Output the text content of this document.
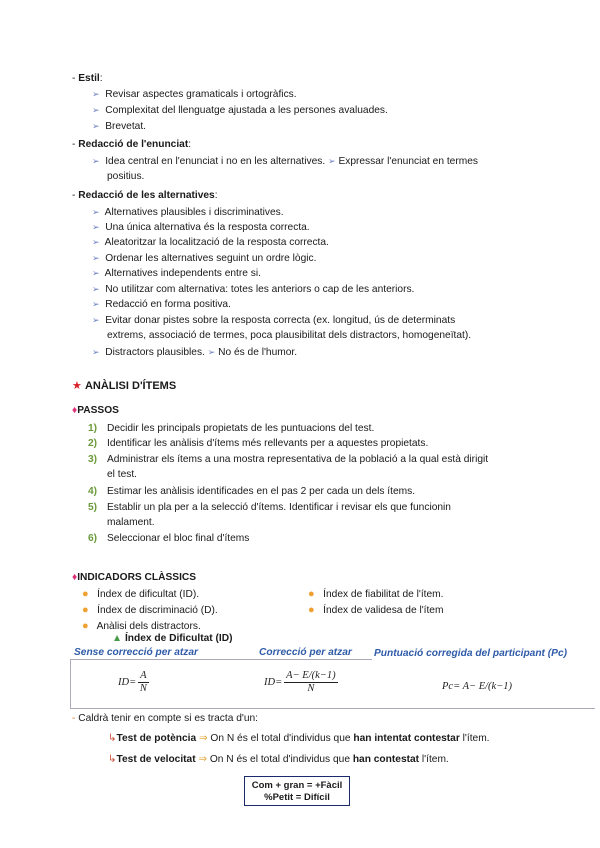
- Estil:
➢ Revisar aspectes gramaticals i ortogràfics.
➢ Complexitat del llenguatge ajustada a les persones avaluades.
➢ Brevetat.
- Redacció de l'enunciat:
➢ Idea central en l'enunciat i no en les alternatives. ➢ Expressar l'enunciat en termes
positius.
- Redacció de les alternatives:
➢ Alternatives plausibles i discriminatives.
➢ Una única alternativa és la resposta correcta.
➢ Aleatoritzar la localització de la resposta correcta.
➢ Ordenar les alternatives seguint un ordre lògic.
➢ Alternatives independents entre si.
➢ No utilitzar com alternativa: totes les anteriors o cap de les anteriors.
➢ Redacció en forma positiva.
➢ Evitar donar pistes sobre la resposta correcta (ex. longitud, ús de determinats
extrems, associació de termes, poca plausibilitat dels distractors, homogeneïtat).
➢ Distractors plausibles. ➢ No és de l'humor.
★ ANÀLISI D'ÍTEMS
♦PASSOS
1) Decidir les principals propietats de les puntuacions del test.
2) Identificar les anàlisis d'ítems més rellevants per a aquestes propietats.
3) Administrar els ítems a una mostra representativa de la població a la qual està dirigit
el test.
4) Estimar les anàlisis identificades en el pas 2 per cada un dels ítems.
5) Establir un pla per a la selecció d'ítems. Identificar i revisar els que funcionin
malament.
6) Seleccionar el bloc final d'ítems
♦INDICADORS CLÀSSICS
● Índex de dificultat (ID).
● Índex de discriminació (D).
● Anàlisi dels distractors.
● Índex de fiabilitat de l'ítem.
● Índex de validesa de l'ítem
▲ Índex de Dificultat (ID)
Sense correcció per atzar	Correcció per atzar Puntuació corregida del participant (Pc)
$ID= \frac{A}{N}$	$ID= \frac{A- E/(k-1)}{N}$	Pc= A− E/(k−1)
- Caldrà tenir en compte si es tracta d'un:
↳Test de potència ⇒ On N és el total d'individus que han intentat contestar l'ítem.
↳Test de velocitat ⇒ On N és el total d'individus que han contestat l'ítem.
Com + gran = +Fàcil
%Petit = Difícil
